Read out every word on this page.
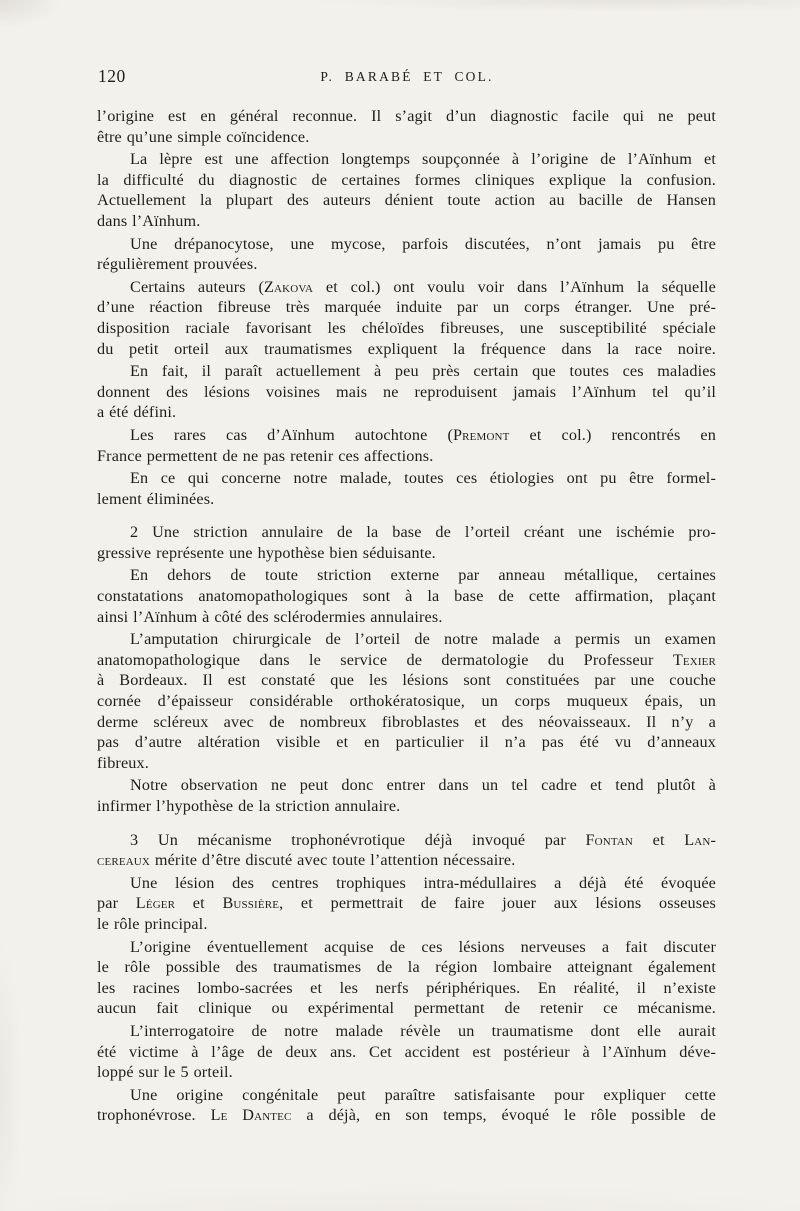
120	P. BARABÉ ET COL.
l’origine est en général reconnue. Il s’agit d’un diagnostic facile qui ne peut
être qu’une simple coïncidence.
La lèpre est une affection longtemps soupçonnée à l’origine de l’Aïnhum et
la difficulté du diagnostic de certaines formes cliniques explique la confusion.
Actuellement la plupart des auteurs dénient toute action au bacille de Hansen
dans l’Aïnhum.
Une drépanocytose, une mycose, parfois discutées, n’ont jamais pu être
régulièrement prouvées.
Certains auteurs (Zakova et col.) ont voulu voir dans l’Aïnhum la séquelle
d’une réaction fibreuse très marquée induite par un corps étranger. Une pré-
disposition raciale favorisant les chéloïdes fibreuses, une susceptibilité spéciale
du petit orteil aux traumatismes expliquent la fréquence dans la race noire.
En fait, il paraît actuellement à peu près certain que toutes ces maladies
donnent des lésions voisines mais ne reproduisent jamais l’Aïnhum tel qu’il
a été défini.
Les rares cas d’Aïnhum autochtone (Premont et col.) rencontrés en
France permettent de ne pas retenir ces affections.
En ce qui concerne notre malade, toutes ces étiologies ont pu être formel-
lement éliminées.
2 Une striction annulaire de la base de l’orteil créant une ischémie pro-
gressive représente une hypothèse bien séduisante.
En dehors de toute striction externe par anneau métallique, certaines
constatations anatomopathologiques sont à la base de cette affirmation, plaçant
ainsi l’Aïnhum à côté des sclérodermies annulaires.
L’amputation chirurgicale de l’orteil de notre malade a permis un examen
anatomopathologique dans le service de dermatologie du Professeur Texier
à Bordeaux. Il est constaté que les lésions sont constituées par une couche
cornée d’épaisseur considérable orthokératosique, un corps muqueux épais, un
derme scléreux avec de nombreux fibroblastes et des néovaisseaux. Il n’y a
pas d’autre altération visible et en particulier il n’a pas été vu d’anneaux
fibreux.
Notre observation ne peut donc entrer dans un tel cadre et tend plutôt à
infirmer l’hypothèse de la striction annulaire.
3 Un mécanisme trophonévrotique déjà invoqué par Fontan et Lan-
cereaux mérite d’être discuté avec toute l’attention nécessaire.
Une lésion des centres trophiques intra-médullaires a déjà été évoquée
par Léger et Bussière, et permettrait de faire jouer aux lésions osseuses
le rôle principal.
L’origine éventuellement acquise de ces lésions nerveuses a fait discuter
le rôle possible des traumatismes de la région lombaire atteignant également
les racines lombo-sacrées et les nerfs périphériques. En réalité, il n’existe
aucun fait clinique ou expérimental permettant de retenir ce mécanisme.
L’interrogatoire de notre malade révèle un traumatisme dont elle aurait
été victime à l’âge de deux ans. Cet accident est postérieur à l’Aïnhum déve-
loppé sur le 5 orteil.
Une origine congénitale peut paraître satisfaisante pour expliquer cette
trophonévrose. Le Dantec a déjà, en son temps, évoqué le rôle possible de
